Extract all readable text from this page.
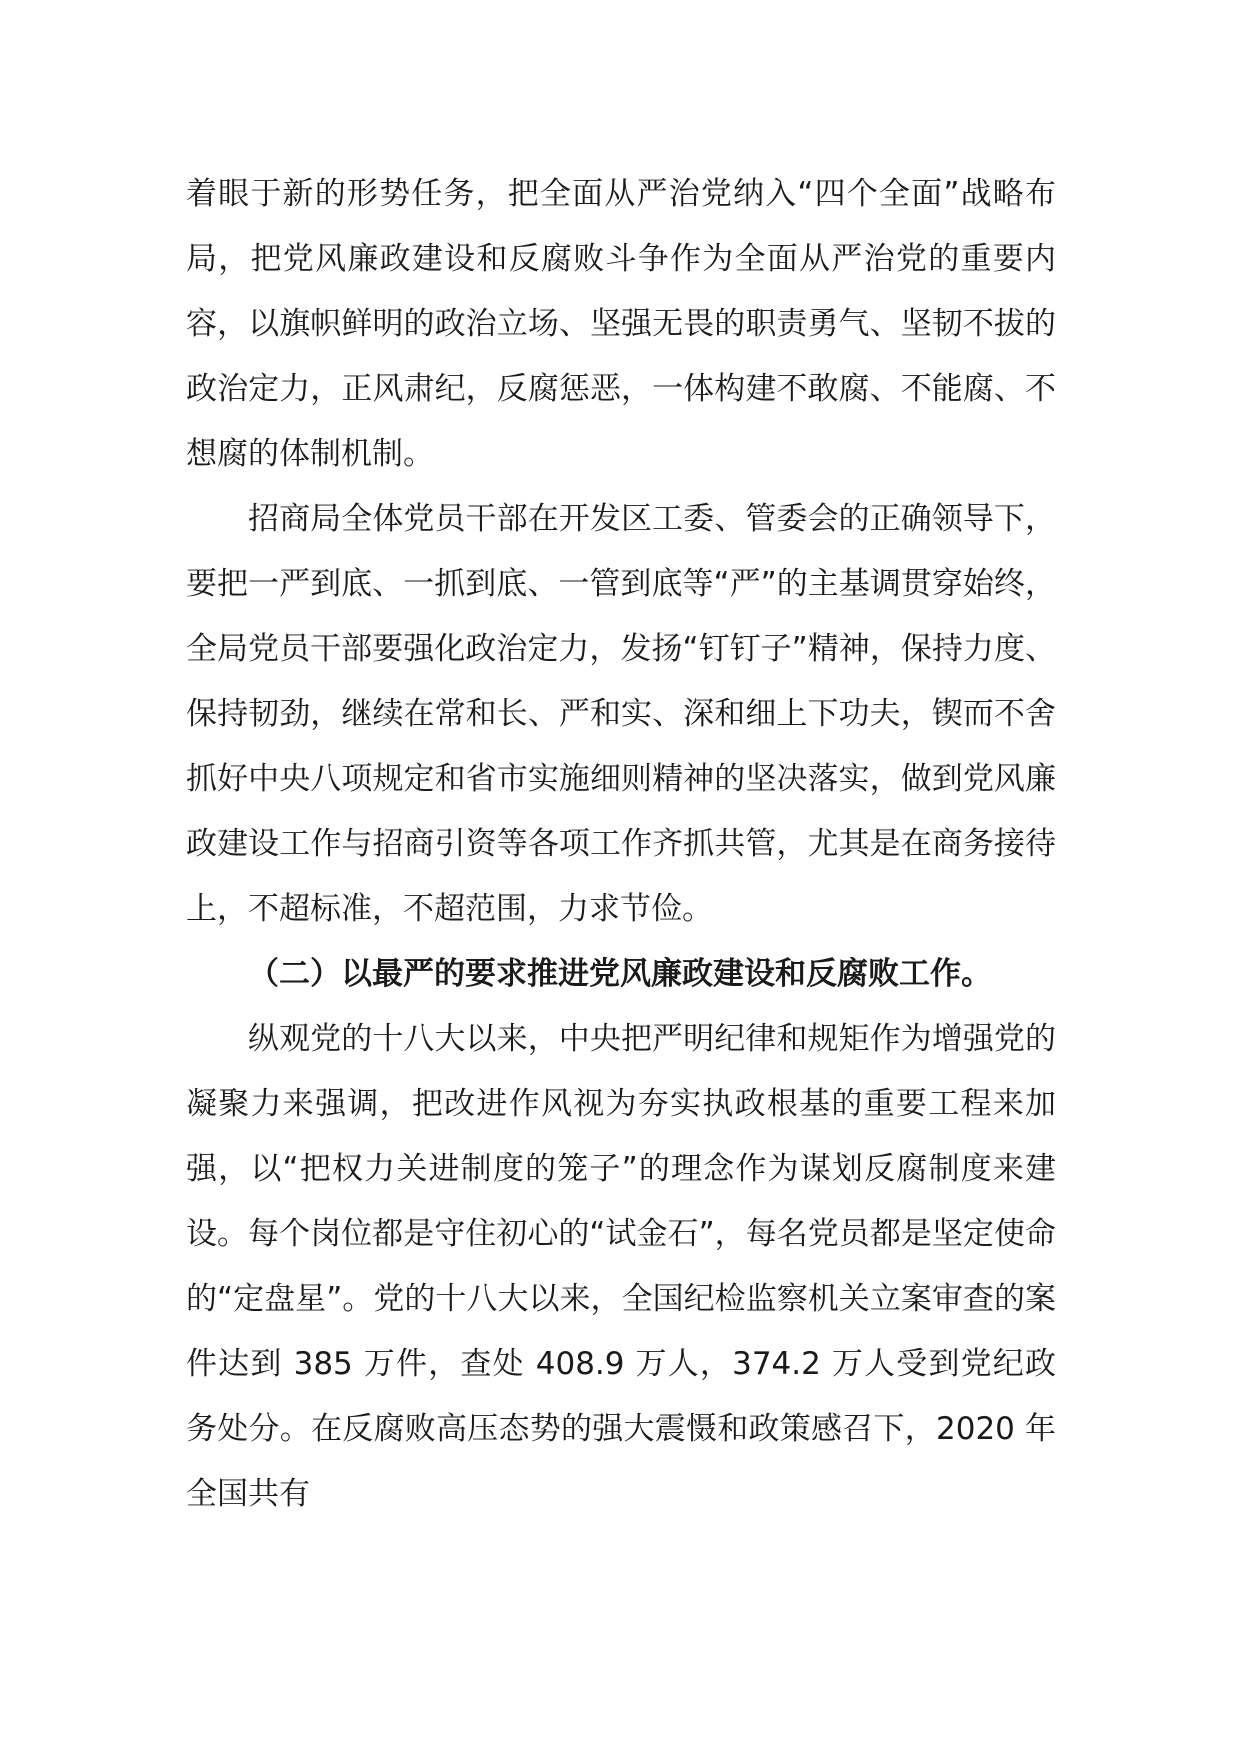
着眼于新的形势任务，把全面从严治党纳入“四个全面”战略布局，把党风廉政建设和反腐败斗争作为全面从严治党的重要内容，以旗帜鲜明的政治立场、坚强无畏的职责勇气、坚韧不拔的政治定力，正风肃纪，反腐惩恶，一体构建不敢腐、不能腐、不想腐的体制机制。

招商局全体党员干部在开发区工委、管委会的正确领导下，要把一严到底、一抓到底、一管到底等“严”的主基调贯穿始终，全局党员干部要强化政治定力，发扬“钉钉子”精神，保持力度、保持韧劲，继续在常和长、严和实、深和细上下功夫，锲而不舍抓好中央八项规定和省市实施细则精神的坚决落实，做到党风廉政建设工作与招商引资等各项工作齐抓共管，尤其是在商务接待上，不超标准，不超范围，力求节俭。

（二）以最严的要求推进党风廉政建设和反腐败工作。

纵观党的十八大以来，中央把严明纪律和规矩作为增强党的凝聚力来强调，把改进作风视为夯实执政根基的重要工程来加强，以“把权力关进制度的笼子”的理念作为谋划反腐制度来建设。每个岗位都是守住初心的“试金石”，每名党员都是坚定使命的“定盘星”。党的十八大以来，全国纪检监察机关立案审查的案件达到 385 万件，查处 408.9 万人，374.2 万人受到党纪政务处分。在反腐败高压态势的强大震慑和政策感召下，2020 年全国共有
